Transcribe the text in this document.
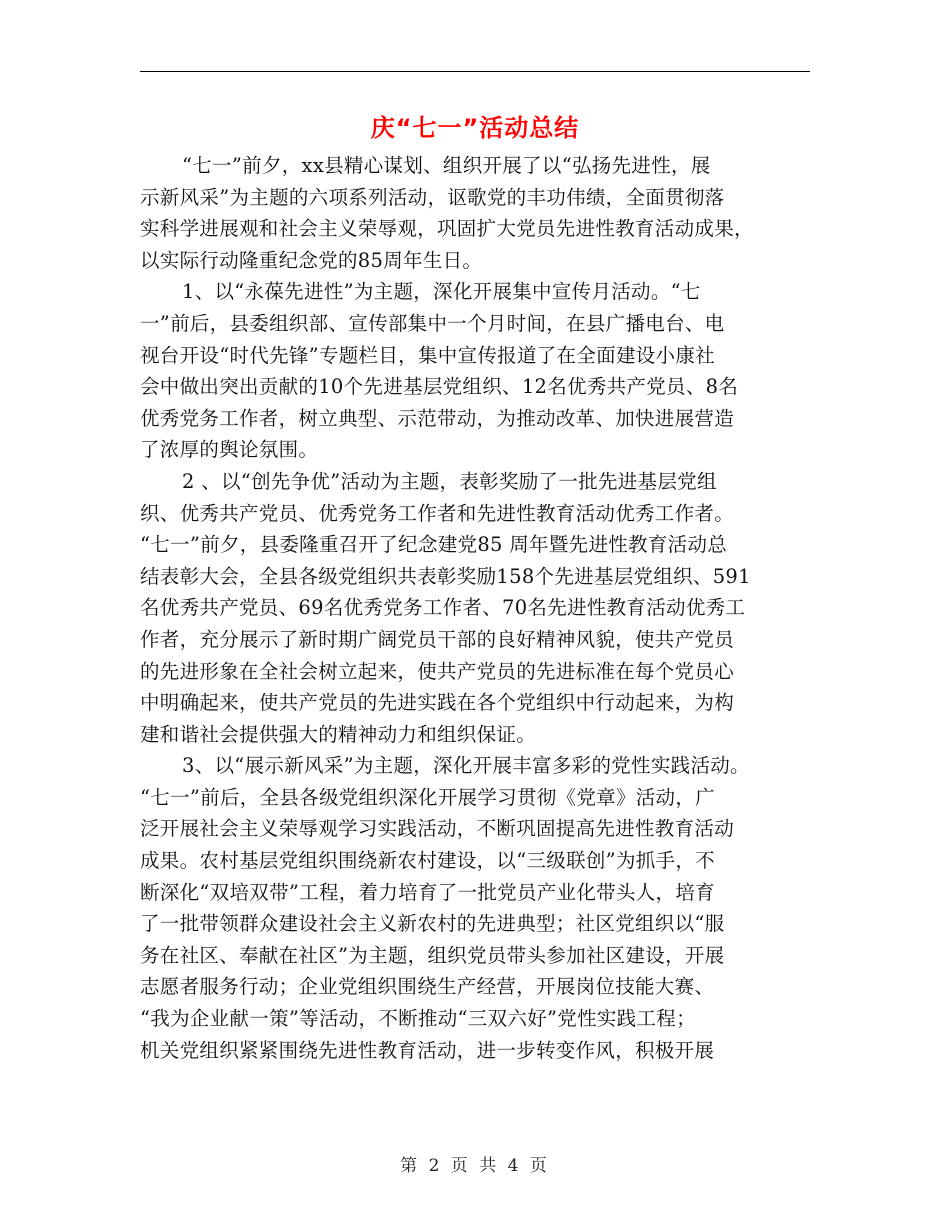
庆“七一”活动总结
“七一”前夕，xx县精心谋划、组织开展了以“弘扬先进性，展
示新风采”为主题的六项系列活动，讴歌党的丰功伟绩，全面贯彻落
实科学进展观和社会主义荣辱观，巩固扩大党员先进性教育活动成果，
以实际行动隆重纪念党的85周年生日。
1、以“永葆先进性”为主题，深化开展集中宣传月活动。“七
一”前后，县委组织部、宣传部集中一个月时间，在县广播电台、电
视台开设“时代先锋”专题栏目，集中宣传报道了在全面建设小康社
会中做出突出贡献的10个先进基层党组织、12名优秀共产党员、8名
优秀党务工作者，树立典型、示范带动，为推动改革、加快进展营造
了浓厚的舆论氛围。
2 、以“创先争优”活动为主题，表彰奖励了一批先进基层党组
织、优秀共产党员、优秀党务工作者和先进性教育活动优秀工作者。
“七一”前夕，县委隆重召开了纪念建党85 周年暨先进性教育活动总
结表彰大会，全县各级党组织共表彰奖励158个先进基层党组织、591
名优秀共产党员、69名优秀党务工作者、70名先进性教育活动优秀工
作者，充分展示了新时期广阔党员干部的良好精神风貌，使共产党员
的先进形象在全社会树立起来，使共产党员的先进标准在每个党员心
中明确起来，使共产党员的先进实践在各个党组织中行动起来，为构
建和谐社会提供强大的精神动力和组织保证。
3、以“展示新风采”为主题，深化开展丰富多彩的党性实践活动。
“七一”前后，全县各级党组织深化开展学习贯彻《党章》活动，广
泛开展社会主义荣辱观学习实践活动，不断巩固提高先进性教育活动
成果。农村基层党组织围绕新农村建设，以“三级联创”为抓手，不
断深化“双培双带”工程，着力培育了一批党员产业化带头人，培育
了一批带领群众建设社会主义新农村的先进典型；社区党组织以“服
务在社区、奉献在社区”为主题，组织党员带头参加社区建设，开展
志愿者服务行动；企业党组织围绕生产经营，开展岗位技能大赛、
“我为企业献一策”等活动，不断推动“三双六好”党性实践工程；
机关党组织紧紧围绕先进性教育活动，进一步转变作风，积极开展
第 2 页 共 4 页
